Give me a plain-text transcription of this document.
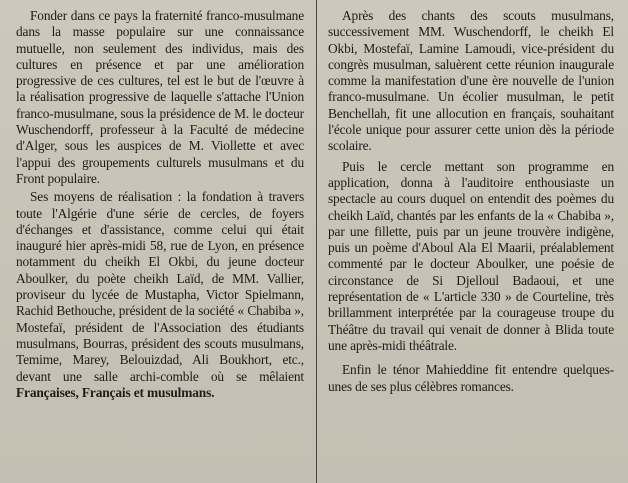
Fonder dans ce pays la fraternité franco-musulmane dans la masse populaire sur une connaissance mutuelle, non seulement des individus, mais des cultures en présence et par une amélioration progressive de ces cultures, tel est le but de l'œuvre à la réalisation progressive de laquelle s'attache l'Union franco-musulmane, sous la présidence de M. le docteur Wuschendorff, professeur à la Faculté de médecine d'Alger, sous les auspices de M. Viollette et avec l'appui des groupements culturels musulmans et du Front populaire.

Ses moyens de réalisation : la fondation à travers toute l'Algérie d'une série de cercles, de foyers d'échanges et d'assistance, comme celui qui était inauguré hier après-midi 58, rue de Lyon, en présence notamment du cheikh El Okbi, du jeune docteur Aboulker, du poète cheikh Laïd, de MM. Vallier, proviseur du lycée de Mustapha, Victor Spielmann, Rachid Bethouche, président de la société « Chabiba », Mostefaï, président de l'Association des étudiants musulmans, Bourras, président des scouts musulmans, Temime, Marey, Belouizdad, Ali Boukhort, etc., devant une salle archi-comble où se mêlaient Françaises, Français et musulmans.

Après des chants des scouts musulmans, successivement MM. Wuschendorff, le cheikh El Okbi, Mostefaï, Lamine Lamoudi, vice-président du congrès musulman, saluèrent cette réunion inaugurale comme la manifestation d'une ère nouvelle de l'union franco-musulmane. Un écolier musulman, le petit Benchellah, fit une allocution en français, souhaitant l'école unique pour assurer cette union dès la période scolaire.

Puis le cercle mettant son programme en application, donna à l'auditoire enthousiaste un spectacle au cours duquel on entendit des poèmes du cheikh Laïd, chantés par les enfants de la « Chabiba », par une fillette, puis par un jeune trouvère indigène, puis un poème d'Aboul Ala El Maarii, préalablement commenté par le docteur Aboulker, une poésie de circonstance de Si Djelloul Badaoui, et une représentation de « L'article 330 » de Courteline, très brillamment interprétée par la courageuse troupe du Théâtre du travail qui venait de donner à Blida toute une après-midi théâtrale.

Enfin le ténor Mahieddine fit entendre quelques-unes de ses plus célèbres romances.
